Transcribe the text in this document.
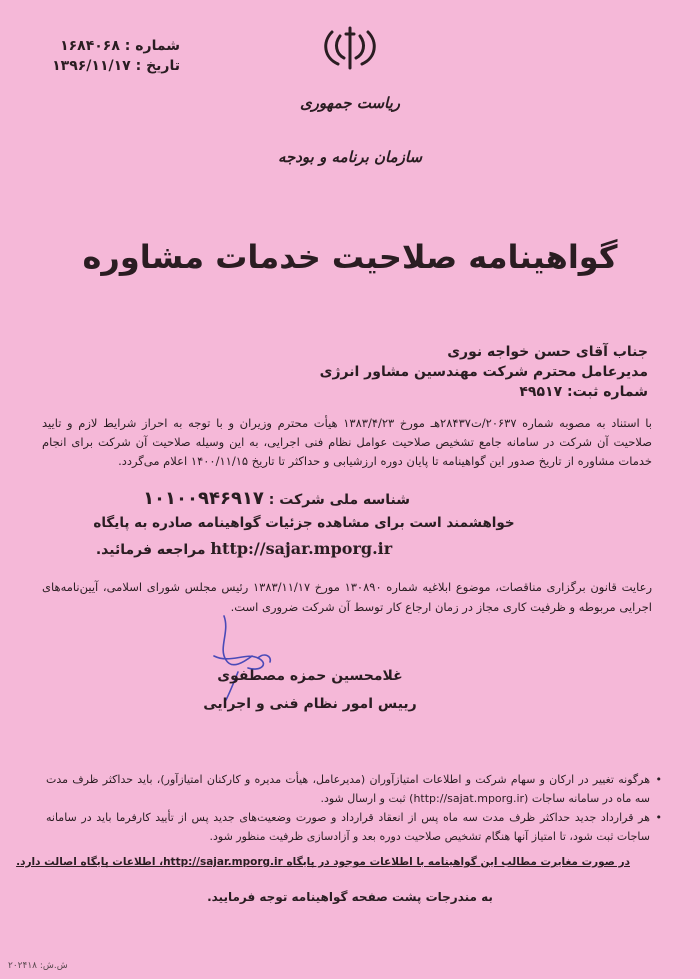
شماره : ۱۶۸۴۰۶۸
تاریخ : ۱۳۹۶/۱۱/۱۷
ریاست جمهوری
سازمان برنامه و بودجه
گواهینامه صلاحیت خدمات مشاوره
جناب آقای حسن خواجه نوری
مدیرعامل محترم شرکت مهندسین مشاور انرژی
شماره ثبت: ۴۹۵۱۷
با استناد به مصوبه شماره ۲۰۶۳۷/ت۲۸۴۳۷هـ مورخ ۱۳۸۳/۴/۲۳ هیأت محترم وزیران و با توجه به احراز شرایط لازم و تایید صلاحیت آن شرکت در سامانه جامع تشخیص صلاحیت عوامل نظام فنی اجرایی، به این وسیله صلاحیت آن شرکت برای انجام خدمات مشاوره از تاریخ صدور این گواهینامه تا پایان دوره ارزشیابی و حداکثر تا تاریخ ۱۴۰۰/۱۱/۱۵ اعلام می‌گردد.
شناسه ملی شرکت : ۱۰۱۰۰۹۴۶۹۱۷
خواهشمند است برای مشاهده جزئیات گواهینامه صادره به پایگاه
http://sajar.mporg.ir مراجعه فرمائید.
رعایت قانون برگزاری مناقصات، موضوع ابلاغیه شماره ۱۳۰۸۹۰ مورخ ۱۳۸۳/۱۱/۱۷ رئیس مجلس شورای اسلامی، آیین‌نامه‌های اجرایی مربوطه و ظرفیت کاری مجاز در زمان ارجاع کار توسط آن شرکت ضروری است.
غلامحسین حمزه مصطفوی
رییس امور نظام فنی و اجرایی

• هرگونه تغییر در ارکان و سهام شرکت و اطلاعات امتیازآوران (مدیرعامل، هیأت مدیره و کارکنان امتیازآور)، باید حداکثر ظرف مدت سه ماه در سامانه ساجات (http://sajat.mporg.ir) ثبت و ارسال شود.

• هر قرارداد جدید حداکثر ظرف مدت سه ماه پس از انعقاد قرارداد و صورت وضعیت‌های جدید پس از تأیید کارفرما باید در سامانه ساجات ثبت شود، تا امتیاز آنها هنگام تشخیص صلاحیت دوره بعد و آزادسازی ظرفیت منظور شود.

در صورت مغایرت مطالب این گواهینامه با اطلاعات موجود در پایگاه http://sajar.mporg.ir، اطلاعات پایگاه اصالت دارد.
به مندرجات پشت صفحه گواهینامه توجه فرمایید.
ش.ش: ۲۰۲۴۱۸
